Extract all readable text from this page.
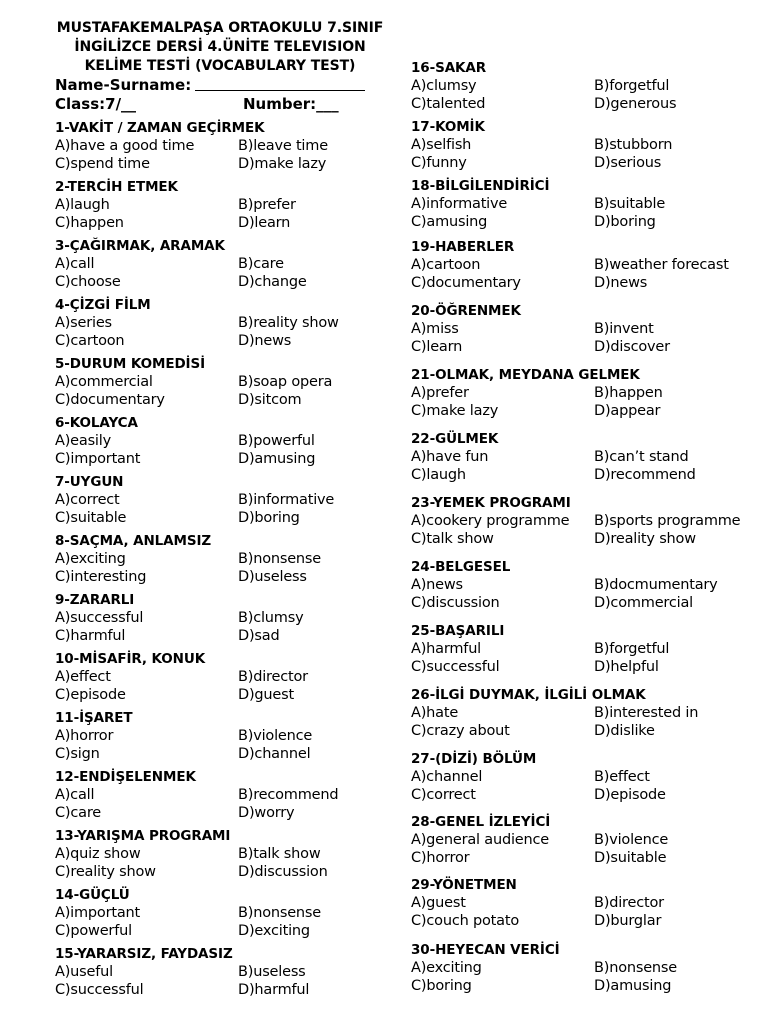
MUSTAFAKEMALPAŞA ORTAOKULU 7.SINIF
İNGİLİZCE DERSİ 4.ÜNİTE TELEVISION
KELİME TESTİ (VOCABULARY TEST)
Name-Surname:
Class:7/__	Number:___
1-VAKİT / ZAMAN GEÇİRMEK
A)have a good time	B)leave time
C)spend time	D)make lazy
2-TERCİH ETMEK
A)laugh	B)prefer
C)happen	D)learn
3-ÇAĞIRMAK, ARAMAK
A)call	B)care
C)choose	D)change
4-ÇİZGİ FİLM
A)series	B)reality show
C)cartoon	D)news
5-DURUM KOMEDİSİ
A)commercial	B)soap opera
C)documentary	D)sitcom
6-KOLAYCA
A)easily	B)powerful
C)important	D)amusing
7-UYGUN
A)correct	B)informative
C)suitable	D)boring
8-SAÇMA, ANLAMSIZ
A)exciting	B)nonsense
C)interesting	D)useless
9-ZARARLI
A)successful	B)clumsy
C)harmful	D)sad
10-MİSAFİR, KONUK
A)effect	B)director
C)episode	D)guest
11-İŞARET
A)horror	B)violence
C)sign	D)channel
12-ENDİŞELENMEK
A)call	B)recommend
C)care	D)worry
13-YARIŞMA PROGRAMI
A)quiz show	B)talk show
C)reality show	D)discussion
14-GÜÇLÜ
A)important	B)nonsense
C)powerful	D)exciting
15-YARARSIZ, FAYDASIZ
A)useful	B)useless
C)successful	D)harmful
16-SAKAR
A)clumsy	B)forgetful
C)talented	D)generous
17-KOMİK
A)selfish	B)stubborn
C)funny	D)serious
18-BİLGİLENDİRİCİ
A)informative	B)suitable
C)amusing	D)boring
19-HABERLER
A)cartoon	B)weather forecast
C)documentary	D)news
20-ÖĞRENMEK
A)miss	B)invent
C)learn	D)discover
21-OLMAK, MEYDANA GELMEK
A)prefer	B)happen
C)make lazy	D)appear
22-GÜLMEK
A)have fun	B)can’t stand
C)laugh	D)recommend
23-YEMEK PROGRAMI
A)cookery programme	B)sports programme
C)talk show	D)reality show
24-BELGESEL
A)news	B)docmumentary
C)discussion	D)commercial
25-BAŞARILI
A)harmful	B)forgetful
C)successful	D)helpful
26-İLGİ DUYMAK, İLGİLİ OLMAK
A)hate	B)interested in
C)crazy about	D)dislike
27-(DİZİ) BÖLÜM
A)channel	B)effect
C)correct	D)episode
28-GENEL İZLEYİCİ
A)general audience	B)violence
C)horror	D)suitable
29-YÖNETMEN
A)guest	B)director
C)couch potato	D)burglar
30-HEYECAN VERİCİ
A)exciting	B)nonsense
C)boring	D)amusing
